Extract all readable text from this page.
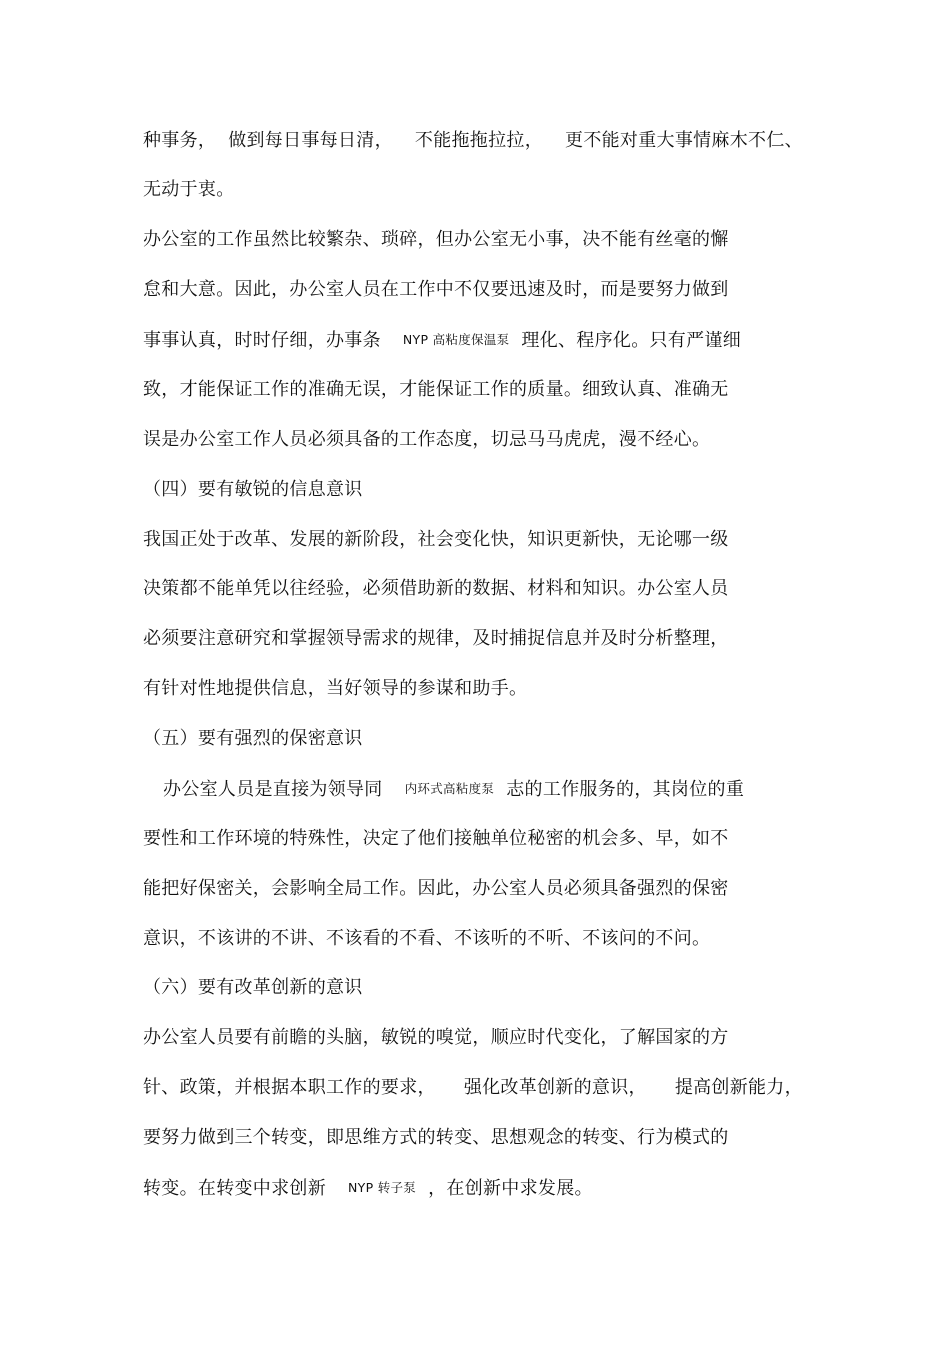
种事务， 做到每日事每日清， 不能拖拖拉拉， 更不能对重大事情麻木不仁、
无动于衷。
办公室的工作虽然比较繁杂、琐碎，但办公室无小事，决不能有丝毫的懈
怠和大意。因此，办公室人员在工作中不仅要迅速及时，而是要努力做到
事事认真，时时仔细，办事条 NYP 高粘度保温泵 理化、程序化。只有严谨细
致，才能保证工作的准确无误，才能保证工作的质量。细致认真、准确无
误是办公室工作人员必须具备的工作态度，切忌马马虎虎，漫不经心。
（四）要有敏锐的信息意识
我国正处于改革、发展的新阶段，社会变化快，知识更新快，无论哪一级
决策都不能单凭以往经验，必须借助新的数据、材料和知识。办公室人员
必须要注意研究和掌握领导需求的规律，及时捕捉信息并及时分析整理，
有针对性地提供信息，当好领导的参谋和助手。
（五）要有强烈的保密意识
办公室人员是直接为领导同 内环式高粘度泵 志的工作服务的，其岗位的重
要性和工作环境的特殊性，决定了他们接触单位秘密的机会多、早，如不
能把好保密关，会影响全局工作。因此，办公室人员必须具备强烈的保密
意识，不该讲的不讲、不该看的不看、不该听的不听、不该问的不问。
（六）要有改革创新的意识
办公室人员要有前瞻的头脑，敏锐的嗅觉，顺应时代变化，了解国家的方
针、政策，并根据本职工作的要求， 强化改革创新的意识， 提高创新能力，
要努力做到三个转变，即思维方式的转变、思想观念的转变、行为模式的
转变。在转变中求创新 NYP 转子泵 ，在创新中求发展。
